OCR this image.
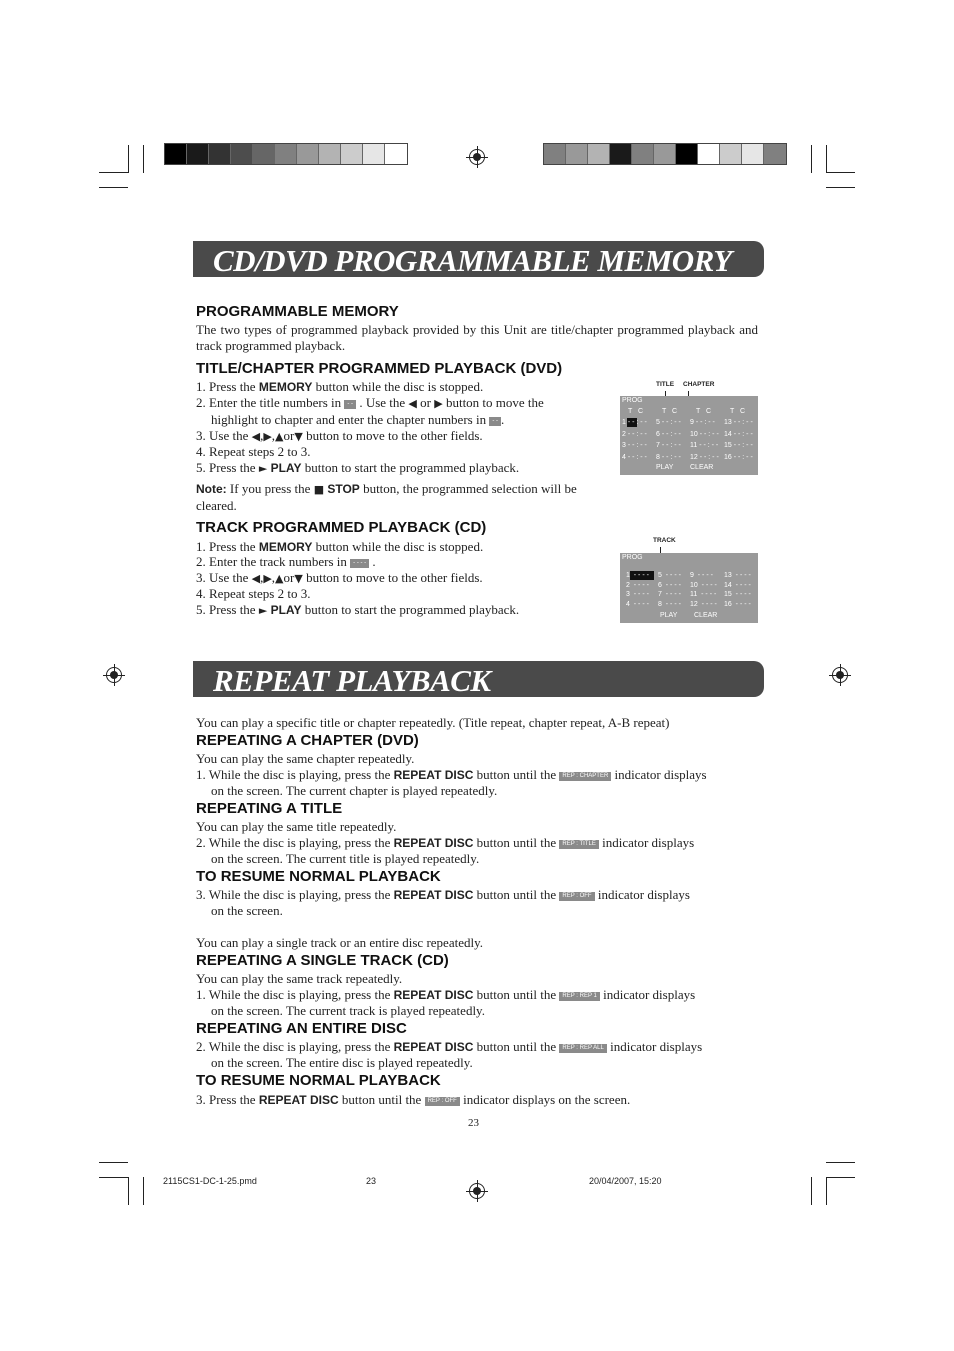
CD/DVD PROGRAMMABLE MEMORY
PROGRAMMABLE MEMORY
The two types of programmed playback provided by this Unit are title/chapter programmed playback and track programmed playback.
TITLE/CHAPTER PROGRAMMED PLAYBACK (DVD)
1. Press the MEMORY button while the disc is stopped.
2. Enter the title numbers in - - . Use the ◀ or ▶ button to move the
highlight to chapter and enter the chapter numbers in - - .
3. Use the ◀,▶,▲or▼ button to move to the other fields.
4. Repeat steps 2 to 3.
5. Press the ► PLAY button to start the programmed playback.
Note: If you press the ■ STOP button, the programmed selection will be cleared.
TITLE CHAPTER
PROG
T   C	T   C	T   C	T   C
1 - - : - - 5 - - : - - 9 - - : - - 13 - - : - -
2 - - : - - 6 - - : - - 10 - - : - - 14 - - : - -
3 - - : - - 7 - - : - - 11 - - : - - 15 - - : - -
4 - - : - - 8 - - : - - 12 - - : - - 16 - - : - -
PLAY CLEAR
TRACK PROGRAMMED PLAYBACK (CD)
1. Press the MEMORY button while the disc is stopped.
2. Enter the track numbers in - - - - .
3. Use the ◀,▶,▲or▼ button to move to the other fields.
4. Repeat steps 2 to 3.
5. Press the ► PLAY button to start the programmed playback.
TRACK
PROG
1  - - - - 5  - - - - 9  - - - - 13  - - - -
2  - - - - 6  - - - - 10  - - - - 14  - - - -
3  - - - - 7  - - - - 11  - - - - 15  - - - -
4  - - - - 8  - - - - 12  - - - - 16  - - - -
PLAY CLEAR
REPEAT PLAYBACK
You can play a specific title or chapter repeatedly. (Title repeat, chapter repeat, A-B repeat)
REPEATING A CHAPTER (DVD)
You can play the same chapter repeatedly.
1. While the disc is playing, press the REPEAT DISC button until the REP : CHAPTER indicator displays
on the screen. The current chapter is played repeatedly.
REPEATING A TITLE
You can play the same title repeatedly.
2. While the disc is playing, press the REPEAT DISC button until the REP : TITLE indicator displays
on the screen. The current title is played repeatedly.
TO RESUME NORMAL PLAYBACK
3. While the disc is playing, press the REPEAT DISC button until the REP : OFF indicator displays
on the screen.
You can play a single track or an entire disc repeatedly.
REPEATING A SINGLE TRACK (CD)
You can play the same track repeatedly.
1. While the disc is playing, press the REPEAT DISC button until the REP : REP 1 indicator displays
on the screen. The current track is played repeatedly.
REPEATING AN ENTIRE DISC
2. While the disc is playing, press the REPEAT DISC button until the REP : REP ALL indicator displays
on the screen. The entire disc is played repeatedly.
TO RESUME NORMAL PLAYBACK
3. Press the REPEAT DISC button until the REP : OFF indicator displays on the screen.
23
2115CS1-DC-1-25.pmd	23	20/04/2007, 15:20
